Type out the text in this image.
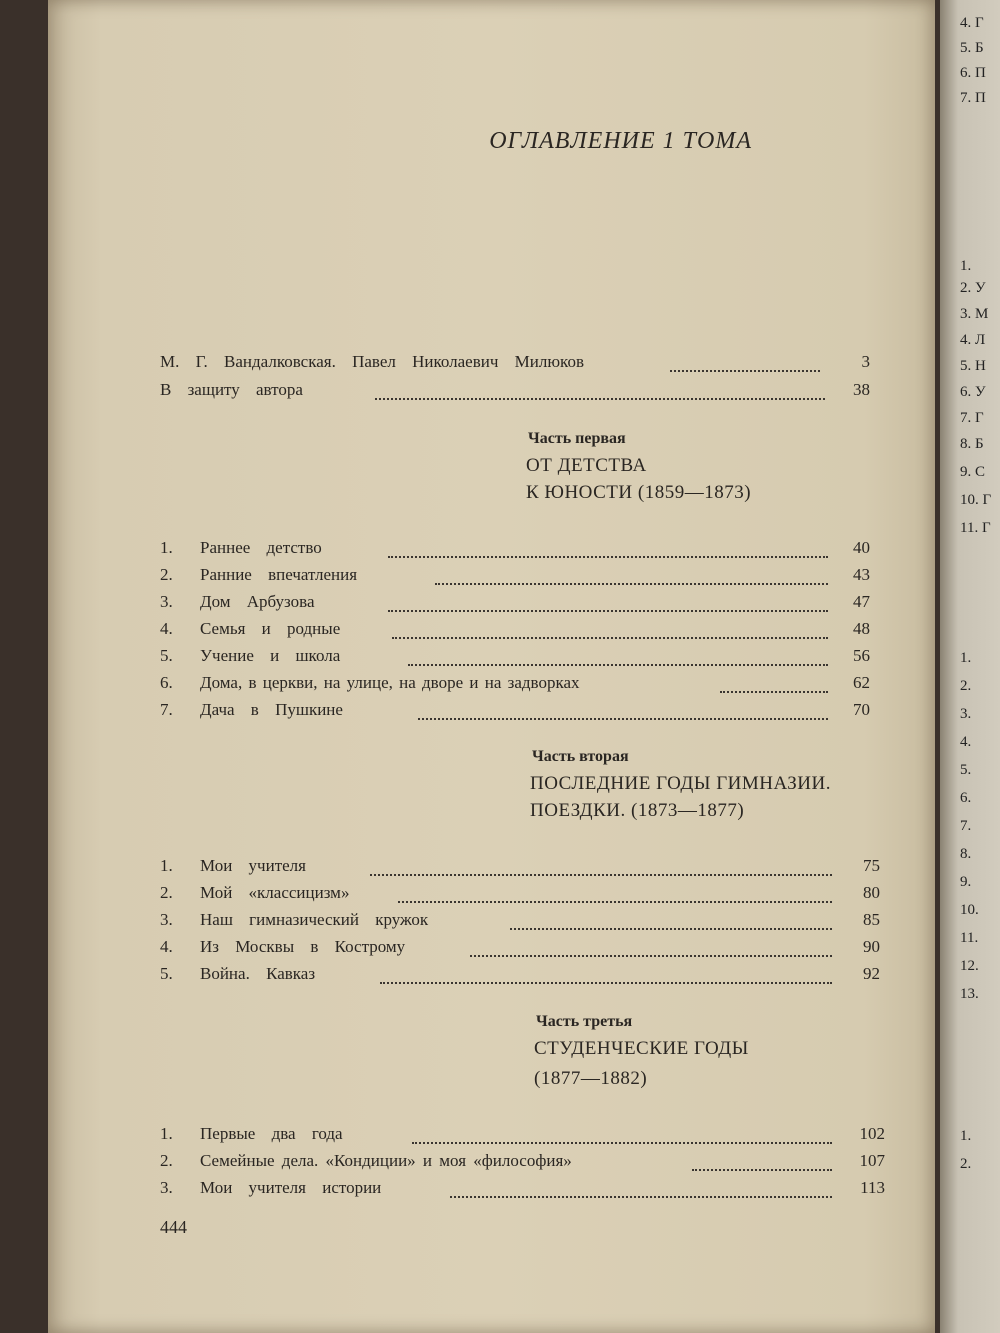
ОГЛАВЛЕНИЕ 1 ТОМА
М. Г. Вандалковская. Павел Николаевич Милюков	3
В защиту автора	38
Часть первая
ОТ ДЕТСТВА
К ЮНОСТИ (1859—1873)
1. Раннее детство	40
2. Ранние впечатления	43
3. Дом Арбузова	47
4. Семья и родные	48
5. Учение и школа	56
6. Дома, в церкви, на улице, на дворе и на задворках	62
7. Дача в Пушкине	70
Часть вторая
ПОСЛЕДНИЕ ГОДЫ ГИМНАЗИИ.
ПОЕЗДКИ. (1873—1877)
1. Мои учителя	75
2. Мой «классицизм»	80
3. Наш гимназический кружок	85
4. Из Москвы в Кострому	90
5. Война. Кавказ	92
Часть третья
СТУДЕНЧЕСКИЕ ГОДЫ
(1877—1882)
1. Первые два года	102
2. Семейные дела. «Кондиции» и моя «философия»	107
3. Мои учителя истории	113
444
4. Г
5. Б
6. П
7. П
1.
2. У
3. М
4. Л
5. Н
6. У
7. Г
8. Б
9. С
10. Г
11. Г
1.
2.
3.
4.
5.
6.
7.
8.
9.
10.
11.
12.
13.
1.
2.
